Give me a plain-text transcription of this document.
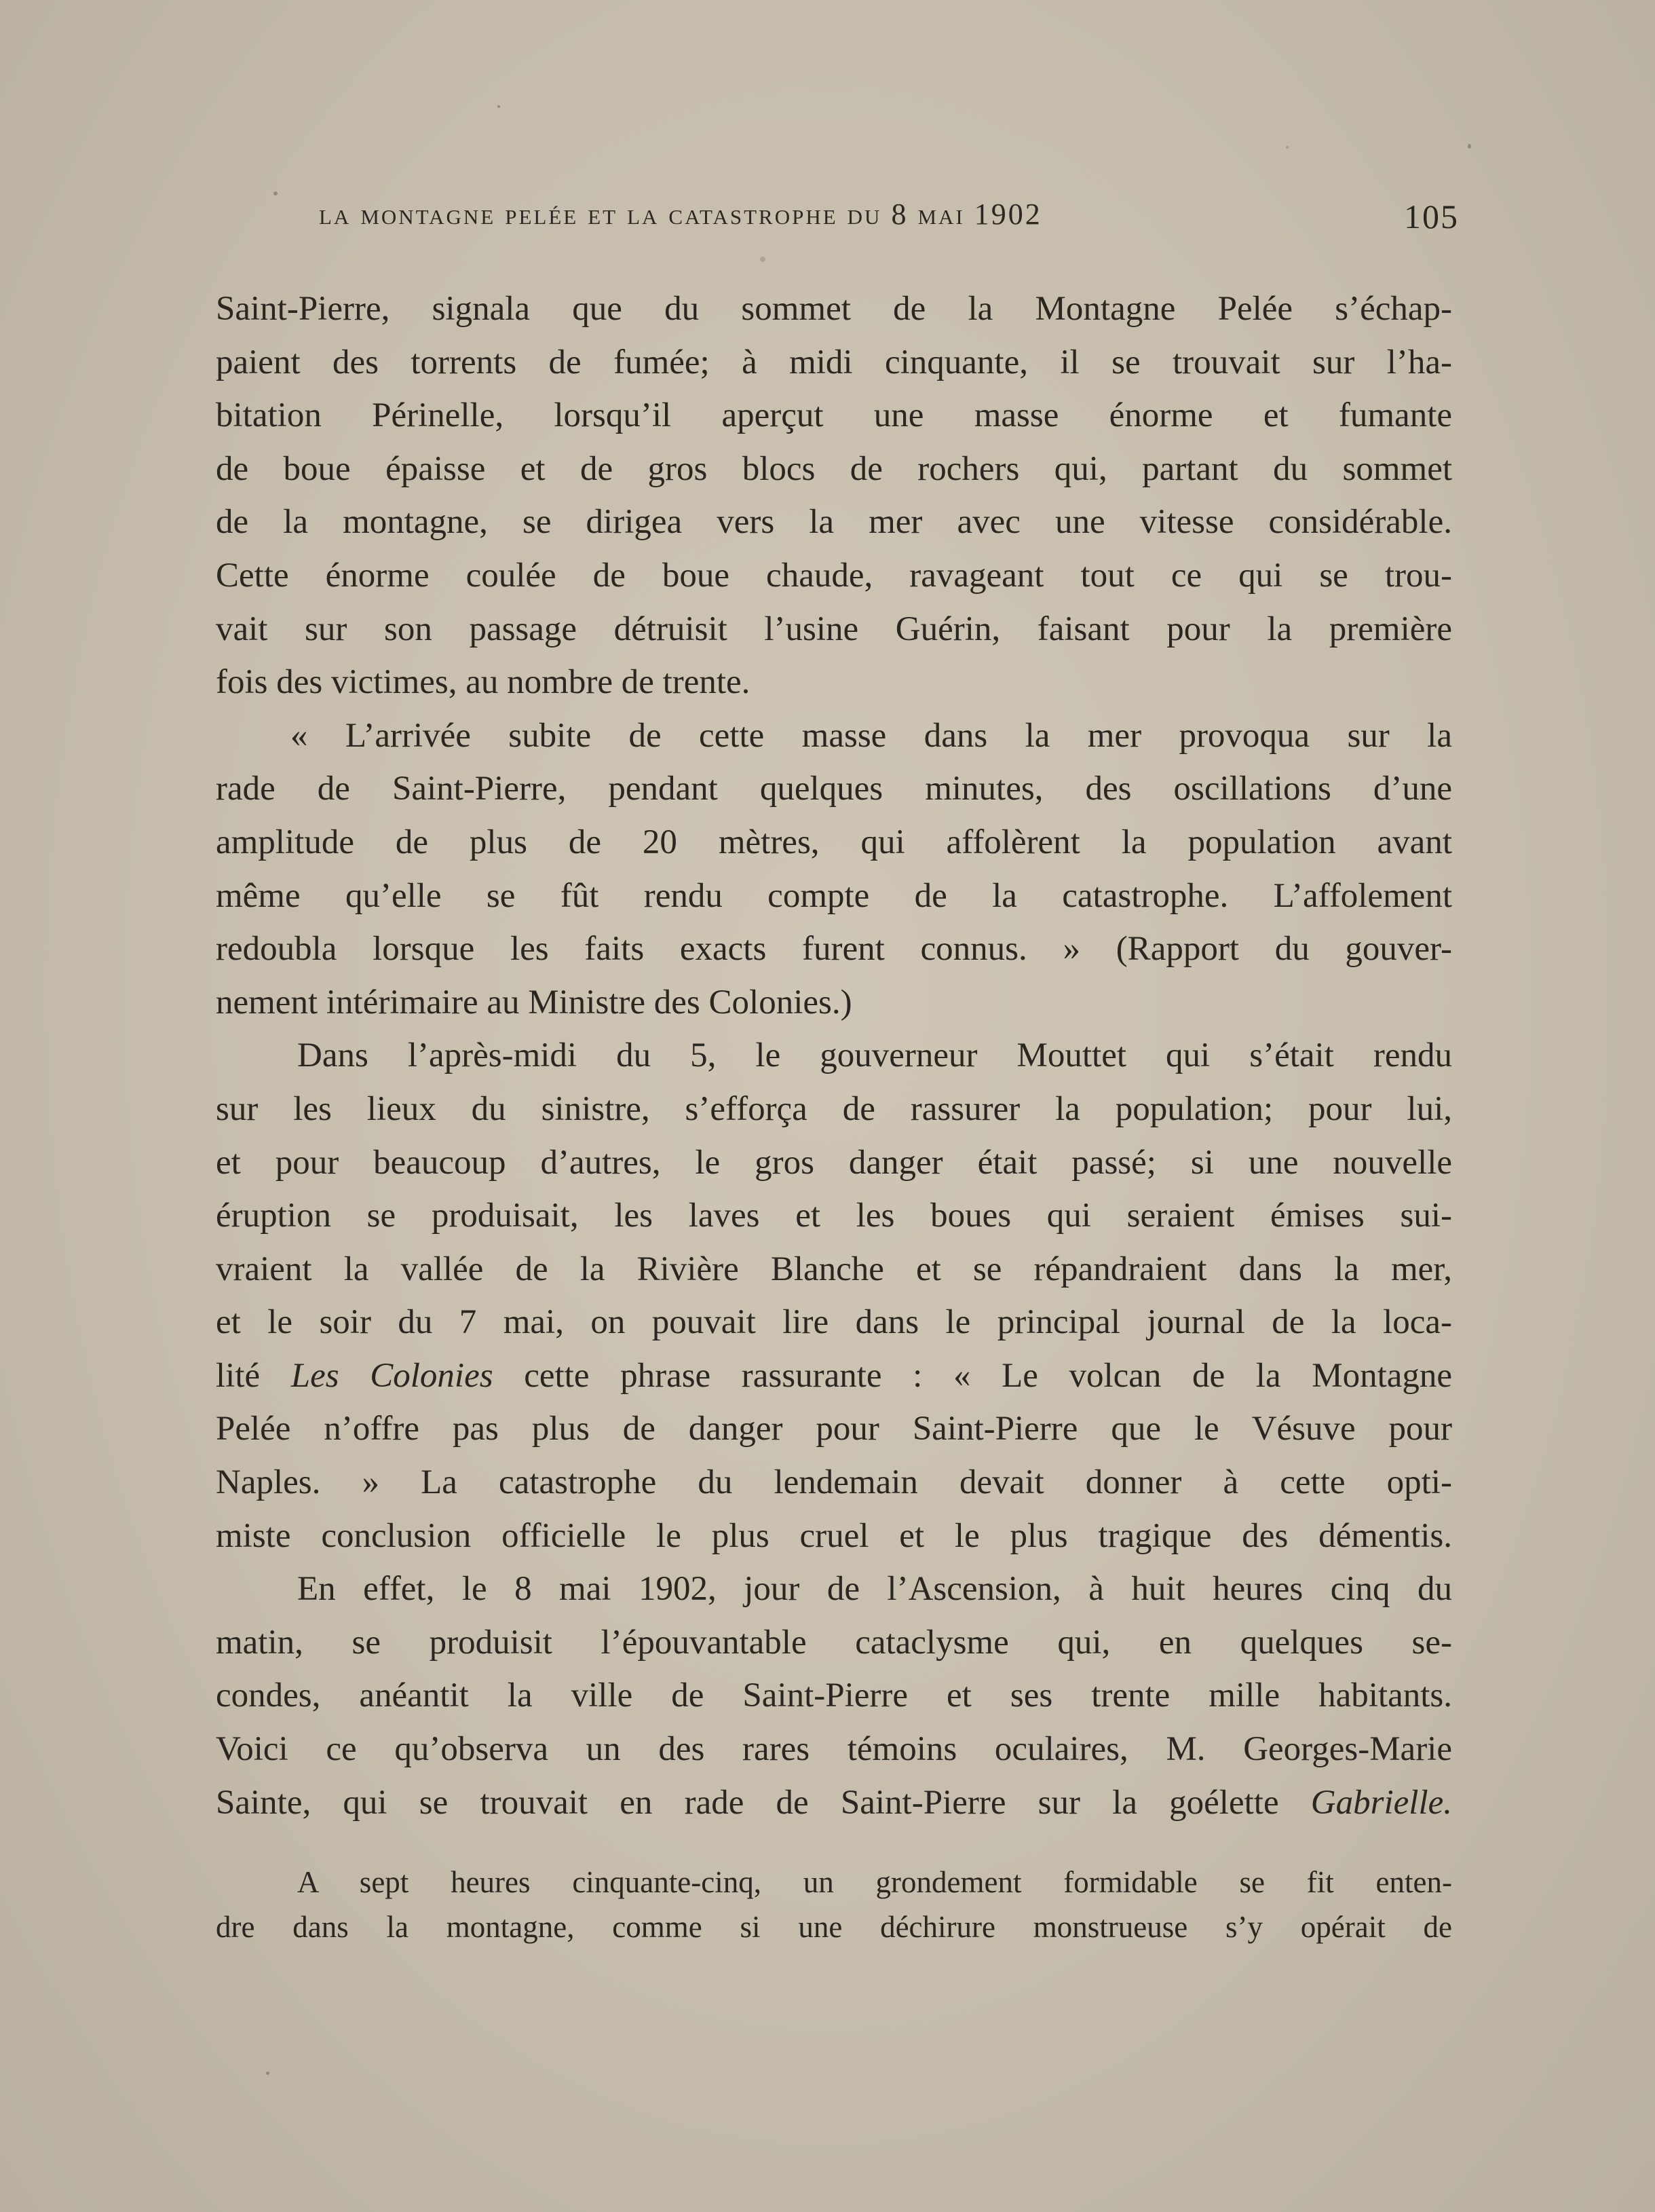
la montagne pelée et la catastrophe du 8 mai 1902	105
Saint-Pierre, signala que du sommet de la Montagne Pelée s’échap-
paient des torrents de fumée; à midi cinquante, il se trouvait sur l’ha-
bitation Périnelle, lorsqu’il aperçut une masse énorme et fumante
de boue épaisse et de gros blocs de rochers qui, partant du sommet
de la montagne, se dirigea vers la mer avec une vitesse considérable.
Cette énorme coulée de boue chaude, ravageant tout ce qui se trou-
vait sur son passage détruisit l’usine Guérin, faisant pour la première
fois des victimes, au nombre de trente.
« L’arrivée subite de cette masse dans la mer provoqua sur la
rade de Saint-Pierre, pendant quelques minutes, des oscillations d’une
amplitude de plus de 20 mètres, qui affolèrent la population avant
même qu’elle se fût rendu compte de la catastrophe. L’affolement
redoubla lorsque les faits exacts furent connus. » (Rapport du gouver-
nement intérimaire au Ministre des Colonies.)
Dans l’après-midi du 5, le gouverneur Mouttet qui s’était rendu
sur les lieux du sinistre, s’efforça de rassurer la population; pour lui,
et pour beaucoup d’autres, le gros danger était passé; si une nouvelle
éruption se produisait, les laves et les boues qui seraient émises sui-
vraient la vallée de la Rivière Blanche et se répandraient dans la mer,
et le soir du 7 mai, on pouvait lire dans le principal journal de la loca-
lité Les Colonies cette phrase rassurante : « Le volcan de la Montagne
Pelée n’offre pas plus de danger pour Saint-Pierre que le Vésuve pour
Naples. » La catastrophe du lendemain devait donner à cette opti-
miste conclusion officielle le plus cruel et le plus tragique des démentis.
En effet, le 8 mai 1902, jour de l’Ascension, à huit heures cinq du
matin, se produisit l’épouvantable cataclysme qui, en quelques se-
condes, anéantit la ville de Saint-Pierre et ses trente mille habitants.
Voici ce qu’observa un des rares témoins oculaires, M. Georges-Marie
Sainte, qui se trouvait en rade de Saint-Pierre sur la goélette Gabrielle.
A sept heures cinquante-cinq, un grondement formidable se fit enten-
dre dans la montagne, comme si une déchirure monstrueuse s’y opérait de
